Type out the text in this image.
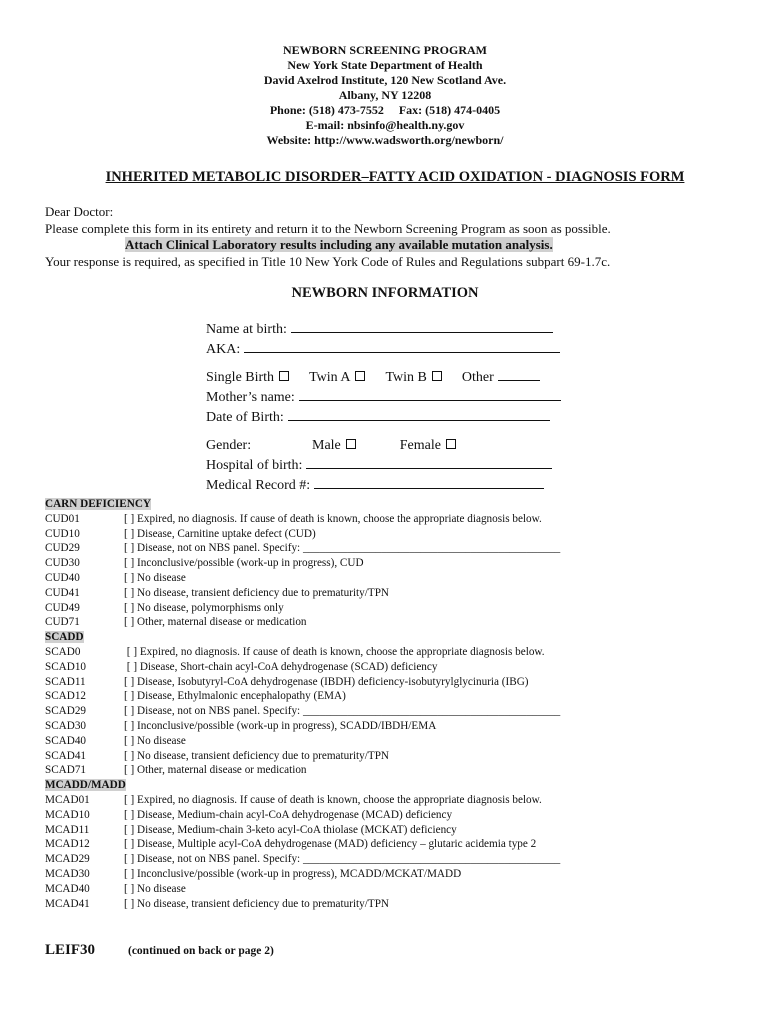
NEWBORN SCREENING PROGRAM
New York State Department of Health
David Axelrod Institute, 120 New Scotland Ave.
Albany, NY 12208
Phone: (518) 473-7552     Fax: (518) 474-0405
E-mail: nbsinfo@health.ny.gov
Website: http://www.wadsworth.org/newborn/
INHERITED METABOLIC DISORDER–FATTY ACID OXIDATION - DIAGNOSIS FORM
Dear Doctor:
Please complete this form in its entirety and return it to the Newborn Screening Program as soon as possible.
Attach Clinical Laboratory results including any available mutation analysis.
Your response is required, as specified in Title 10 New York Code of Rules and Regulations subpart 69-1.7c.
NEWBORN INFORMATION
Name at birth:
AKA:
Single Birth	Twin A	Twin B	Other
Mother’s name:
Date of Birth:
Gender:	Male	Female
Hospital of birth:
Medical Record #:
CARN DEFICIENCY
CUD01	[ ] Expired, no diagnosis. If cause of death is known, choose the appropriate diagnosis below.
CUD10	[ ] Disease, Carnitine uptake defect (CUD)
CUD29	[ ] Disease, not on NBS panel. Specify: ______________________________________________
CUD30	[ ] Inconclusive/possible (work-up in progress), CUD
CUD40	[ ] No disease
CUD41	[ ] No disease, transient deficiency due to prematurity/TPN
CUD49	[ ] No disease, polymorphisms only
CUD71	[ ] Other, maternal disease or medication
SCADD
SCAD0	[ ] Expired, no diagnosis. If cause of death is known, choose the appropriate diagnosis below.
SCAD10	[ ] Disease, Short-chain acyl-CoA dehydrogenase (SCAD) deficiency
SCAD11	[ ] Disease, Isobutyryl-CoA dehydrogenase (IBDH) deficiency-isobutyrylglycinuria (IBG)
SCAD12	[ ] Disease, Ethylmalonic encephalopathy (EMA)
SCAD29	[ ] Disease, not on NBS panel. Specify: ______________________________________________
SCAD30	[ ] Inconclusive/possible (work-up in progress), SCADD/IBDH/EMA
SCAD40	[ ] No disease
SCAD41	[ ] No disease, transient deficiency due to prematurity/TPN
SCAD71	[ ] Other, maternal disease or medication
MCADD/MADD
MCAD01	[ ] Expired, no diagnosis. If cause of death is known, choose the appropriate diagnosis below.
MCAD10	[ ] Disease, Medium-chain acyl-CoA dehydrogenase (MCAD) deficiency
MCAD11	[ ] Disease, Medium-chain 3-keto acyl-CoA thiolase (MCKAT) deficiency
MCAD12	[ ] Disease, Multiple acyl-CoA dehydrogenase (MAD) deficiency – glutaric acidemia type 2
MCAD29	[ ] Disease, not on NBS panel. Specify: ______________________________________________
MCAD30	[ ] Inconclusive/possible (work-up in progress), MCADD/MCKAT/MADD
MCAD40	[ ] No disease
MCAD41	[ ] No disease, transient deficiency due to prematurity/TPN
LEIF30	(continued on back or page 2)
